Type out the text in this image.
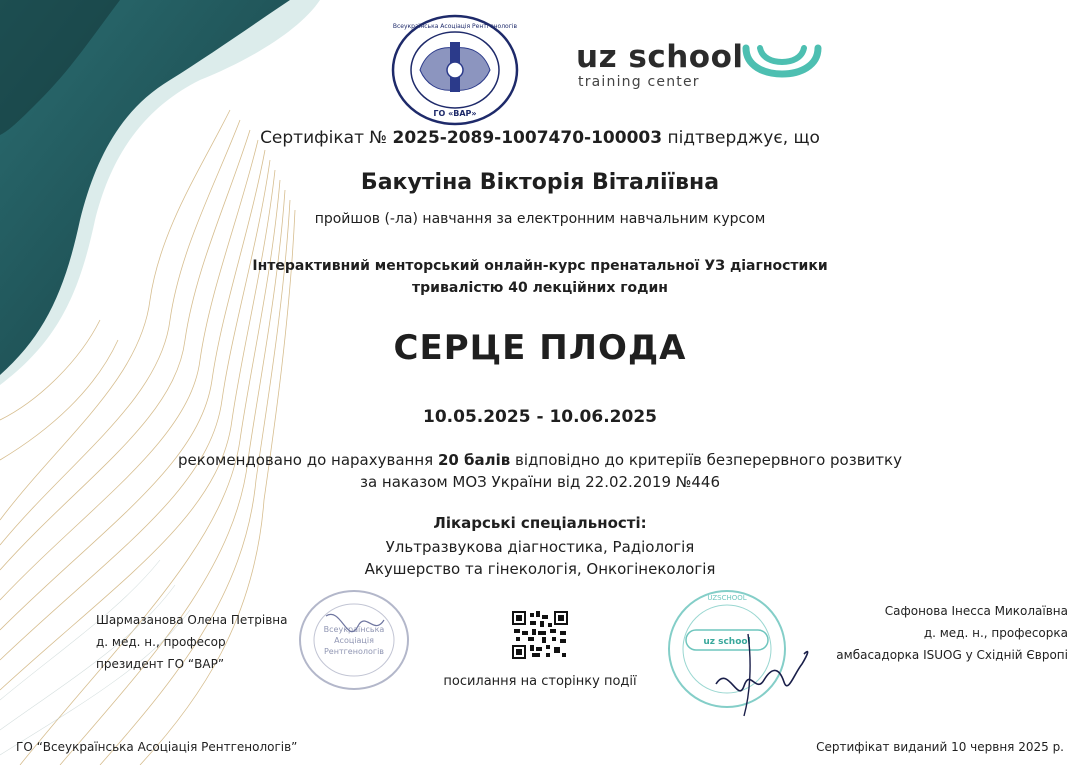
ГО «ВАР»
Всеукраїнська Асоціація Рентгенологів
uz school
training center
Сертифікат № 2025-2089-1007470-100003 підтверджує, що
Бакутіна Вікторія Віталіївна
пройшов (-ла) навчання за електронним навчальним курсом
Інтерактивний менторський онлайн-курс пренатальної УЗ діагностики
тривалістю 40 лекційних годин
СЕРЦЕ ПЛОДА
10.05.2025 - 10.06.2025
рекомендовано до нарахування 20 балів відповідно до критеріїв безперервного розвитку
за наказом МОЗ України від 22.02.2019 №446
Лікарські спеціальності:
Ультразвукова діагностика, Радіологія
Акушерство та гінекологія, Онкогінекологія
Шармазанова Олена Петрівна
д. мед. н., професор
президент ГО “ВАР”
Всеукраїнська
Асоціація
Рентгенологів
посилання на сторінку події
uz school
UZSCHOOL
Сафонова Інесса Миколаївна
д. мед. н., професорка
амбасадорка ISUOG у Східній Європі
ГО “Всеукраїнська Асоціація Рентгенологів”	Сертифікат виданий 10 червня 2025 р.
